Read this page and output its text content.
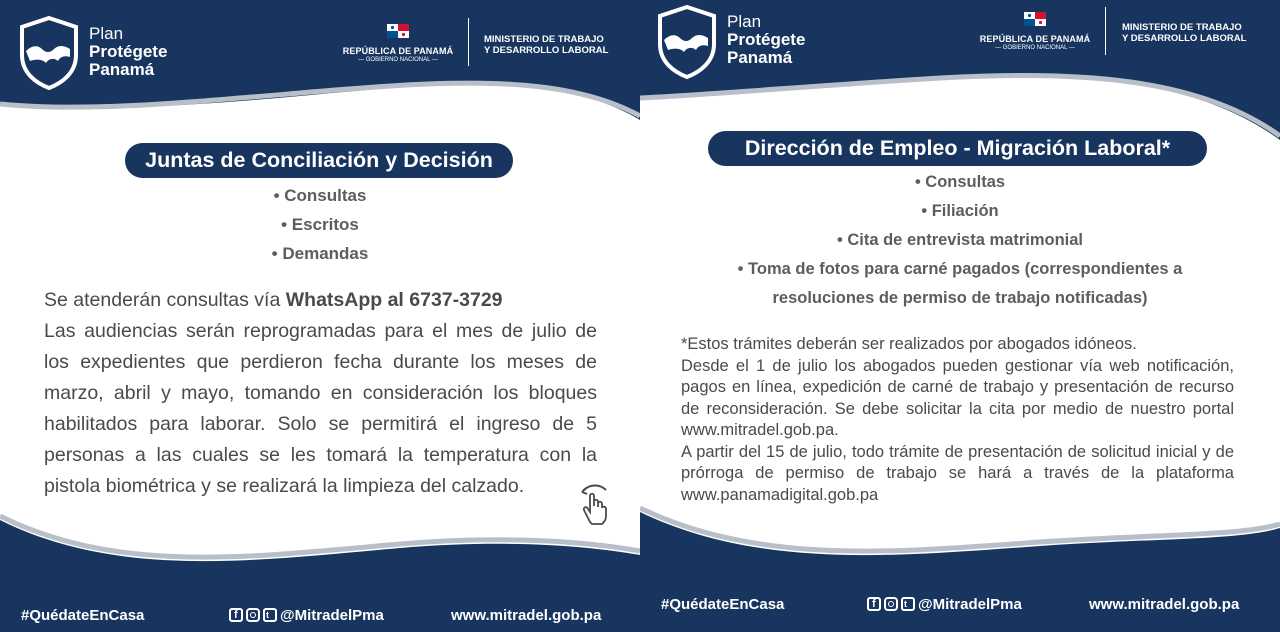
Plan
Protégete
Panamá
REPÚBLICA DE PANAMÁ
— GOBIERNO NACIONAL —
MINISTERIO DE TRABAJO
Y DESARROLLO LABORAL
Juntas de Conciliación y Decisión
• Consultas
• Escritos
• Demandas
Se atenderán consultas vía WhatsApp al 6737-3729
Las audiencias serán reprogramadas para el mes de julio de los expedientes que perdieron fecha durante los meses de marzo, abril y mayo, tomando en consideración los bloques habilitados para laborar. Solo se permitirá el ingreso de 5 personas a las cuales se les tomará la temperatura con la pistola biométrica y se realizará la limpieza del calzado.
#QuédateEnCasa	f	t @MitradelPma	www.mitradel.gob.pa
Plan
Protégete
Panamá
REPÚBLICA DE PANAMÁ
— GOBIERNO NACIONAL —
MINISTERIO DE TRABAJO
Y DESARROLLO LABORAL
Dirección de Empleo - Migración Laboral*
• Consultas
• Filiación
• Cita de entrevista matrimonial
• Toma de fotos para carné pagados (correspondientes a
resoluciones de permiso de trabajo notificadas)
*Estos trámites deberán ser realizados por abogados idóneos.
Desde el 1 de julio los abogados pueden gestionar vía web notificación, pagos en línea, expedición de carné de trabajo y presentación de recurso de reconsideración. Se debe solicitar la cita por medio de nuestro portal www.mitradel.gob.pa.
A partir del 15 de julio, todo trámite de presentación de solicitud inicial y de prórroga de permiso de trabajo se hará a través de la plataforma www.panamadigital.gob.pa
#QuédateEnCasa	f	t @MitradelPma	www.mitradel.gob.pa
